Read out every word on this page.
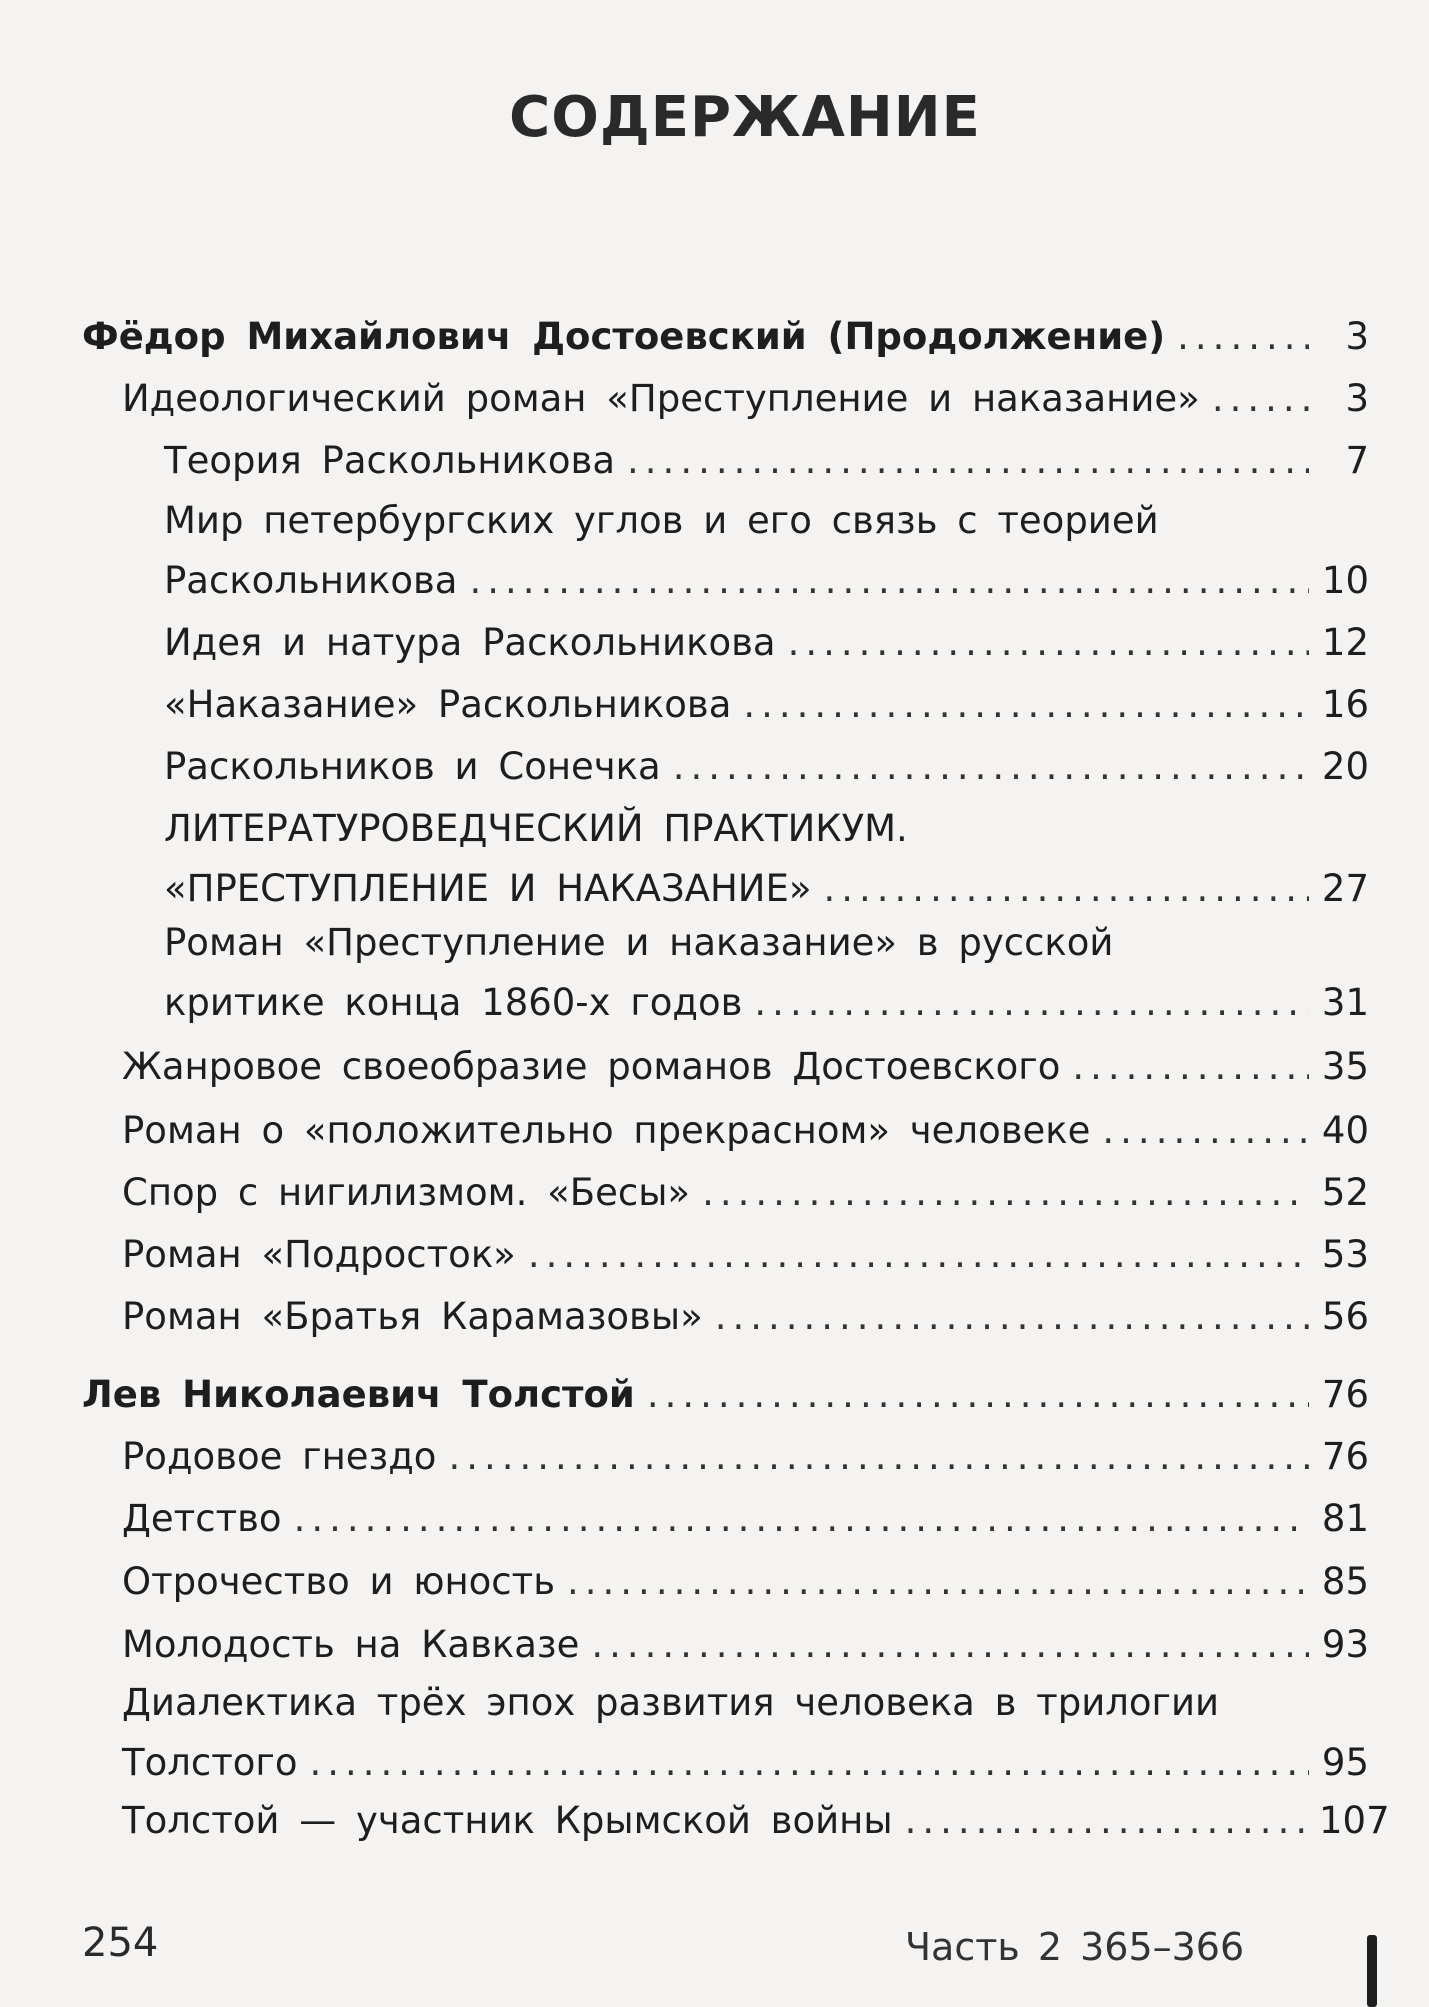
СОДЕРЖАНИЕ
Фёдор Михайлович Достоевский (Продолжение) .....	3
Идеологический роман «Преступление и наказание» .....	3
Теория Раскольникова .....	7
Мир петербургских углов и его связь с теорией
Раскольникова .....	10
Идея и натура Раскольникова .....	12
«Наказание» Раскольникова .....	16
Раскольников и Сонечка .....	20
ЛИТЕРАТУРОВЕДЧЕСКИЙ ПРАКТИКУМ.
«ПРЕСТУПЛЕНИЕ И НАКАЗАНИЕ» .....	27
Роман «Преступление и наказание» в русской
критике конца 1860-х годов .....	31
Жанровое своеобразие романов Достоевского .....	35
Роман о «положительно прекрасном» человеке .....	40
Спор с нигилизмом. «Бесы» .....	52
Роман «Подросток» .....	53
Роман «Братья Карамазовы» .....	56
Лев Николаевич Толстой .....	76
Родовое гнездо .....	76
Детство .....	81
Отрочество и юность .....	85
Молодость на Кавказе .....	93
Диалектика трёх эпох развития человека в трилогии
Толстого .....	95
Толстой — участник Крымской войны .....	107
254	Часть 2 365–366
